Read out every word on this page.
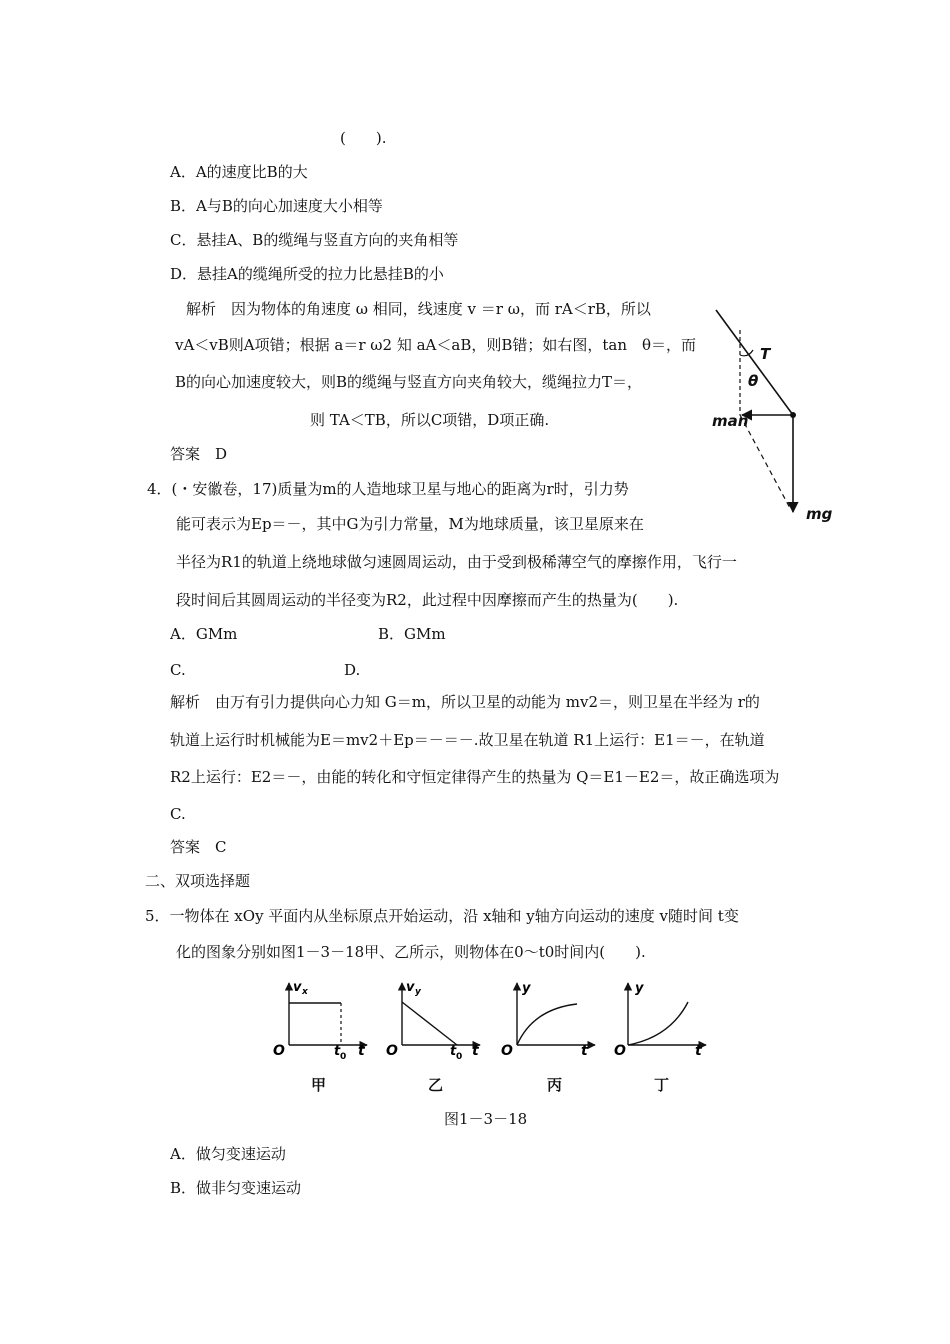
(　　).
A．A的速度比B的大
B．A与B的向心加速度大小相等
C．悬挂A、B的缆绳与竖直方向的夹角相等
D．悬挂A的缆绳所受的拉力比悬挂B的小
解析　因为物体的角速度 ω 相同，线速度 v ＝r ω，而 rA＜rB，所以
vA＜vB则A项错；根据 a＝r ω2 知 aA＜aB，则B错；如右图，tan　θ＝，而
B的向心加速度较大，则B的缆绳与竖直方向夹角较大，缆绳拉力T＝，
则 TA＜TB，所以C项错，D项正确.
答案　D
T
θ
man
mg
4．(・安徽卷，17)质量为m的人造地球卫星与地心的距离为r时，引力势
能可表示为Ep＝－，其中G为引力常量，M为地球质量，该卫星原来在
半径为R1的轨道上绕地球做匀速圆周运动，由于受到极稀薄空气的摩擦作用，飞行一
段时间后其圆周运动的半径变为R2，此过程中因摩擦而产生的热量为(　　).
A．GMm	B．GMm
C.	D.
解析　由万有引力提供向心力知 G＝m，所以卫星的动能为 mv2＝，则卫星在半经为 r的
轨道上运行时机械能为E＝mv2＋Ep＝－＝－.故卫星在轨道 R1上运行：E1＝－，在轨道
R2上运行：E2＝－，由能的转化和守恒定律得产生的热量为 Q＝E1－E2＝，故正确选项为
C.
答案　C
二、双项选择题
5．一物体在 xOy 平面内从坐标原点开始运动，沿 x轴和 y轴方向运动的速度 v随时间 t变
化的图象分别如图1－3－18甲、乙所示，则物体在0～t0时间内(　　).
v x
O	t 0 t
v y
O	t 0 t
y
O	t
y
O	t
甲	乙	丙	丁
图1－3－18
A．做匀变速运动
B．做非匀变速运动
